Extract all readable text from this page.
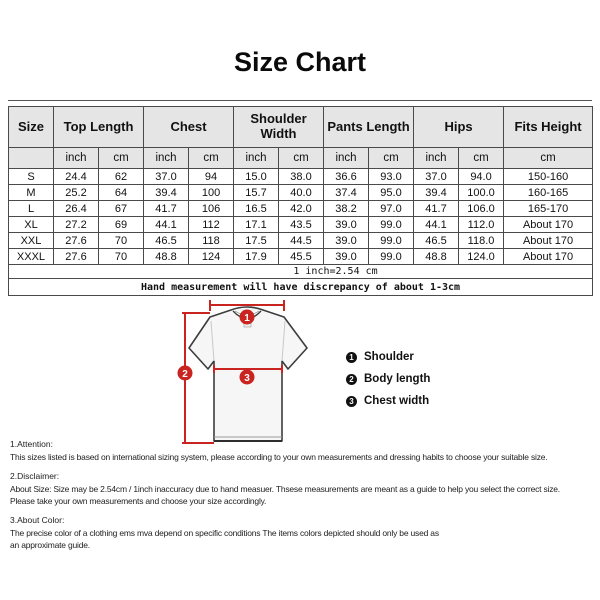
Size Chart
Size	Top Length		Chest		Shoulder Width		Pants Length		Hips		Fits Height
	inch	cm	inch	cm	inch	cm	inch	cm	inch	cm	cm
S	24.4	62	37.0	94	15.0	38.0	36.6	93.0	37.0	94.0	150-160
M	25.2	64	39.4	100	15.7	40.0	37.4	95.0	39.4	100.0	160-165
L	26.4	67	41.7	106	16.5	42.0	38.2	97.0	41.7	106.0	165-170
XL	27.2	69	44.1	112	17.1	43.5	39.0	99.0	44.1	112.0	About 170
XXL	27.6	70	46.5	118	17.5	44.5	39.0	99.0	46.5	118.0	About 170
XXXL	27.6	70	48.8	124	17.9	45.5	39.0	99.0	48.8	124.0	About 170
1 inch=2.54 cm											
Hand measurement will have discrepancy of about 1-3cm											
1
2	3
1 Shoulder
2 Body length
3 Chest width
1.Attention:
This sizes listed is based on international sizing system, please according to your own measurements and dressing habits to choose your suitable size.
2.Disclaimer:
About Size: Size may be 2.54cm / 1inch inaccuracy due to hand measuer. Thsese measurements are meant as a guide to help you select the correct size.
Please take your own measurements and choose your size accordingly.
3.About Color:
The precise color of a clothing ems mva depend on specific conditions The items colors depicted should only be used as
an approximate guide.
